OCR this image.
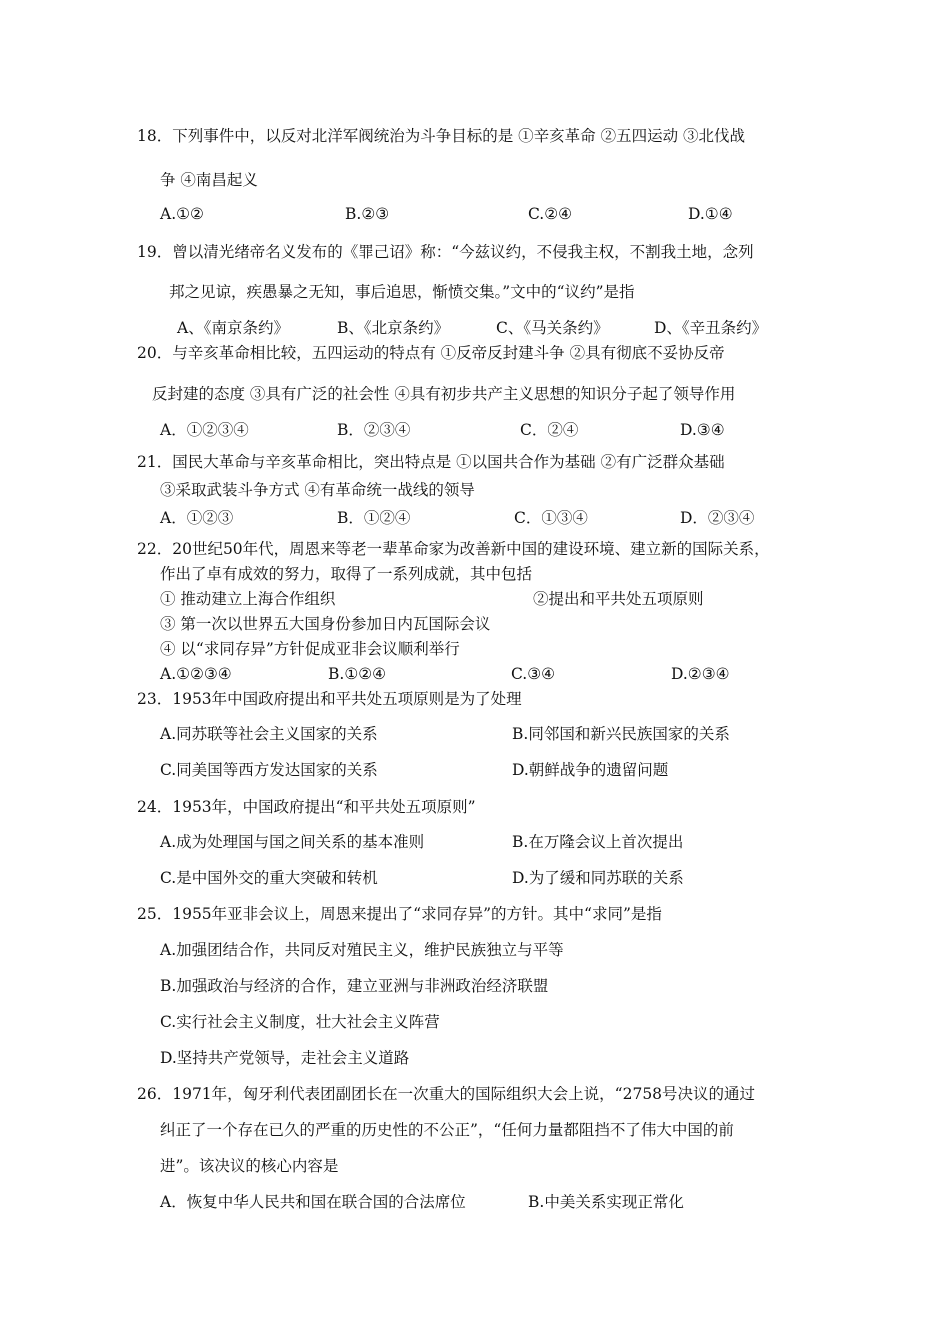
18．下列事件中，以反对北洋军阀统治为斗争目标的是 ①辛亥革命 ②五四运动 ③北伐战
争 ④南昌起义
A.①②	B.②③	C.②④	D.①④
19．曾以清光绪帝名义发布的《罪己诏》称：“今兹议约，不侵我主权，不割我土地，念列
邦之见谅，疾愚暴之无知，事后追思，惭愤交集。”文中的“议约”是指
A、《南京条约》	B、《北京条约》	C、《马关条约》	D、《辛丑条约》
20．与辛亥革命相比较，五四运动的特点有 ①反帝反封建斗争 ②具有彻底不妥协反帝
反封建的态度 ③具有广泛的社会性 ④具有初步共产主义思想的知识分子起了领导作用
A．①②③④	B．②③④	C．②④	D.③④
21．国民大革命与辛亥革命相比，突出特点是 ①以国共合作为基础 ②有广泛群众基础
③采取武装斗争方式 ④有革命统一战线的领导
A．①②③	B．①②④	C．①③④	D．②③④
22．20世纪50年代，周恩来等老一辈革命家为改善新中国的建设环境、建立新的国际关系，
作出了卓有成效的努力，取得了一系列成就，其中包括
① 推动建立上海合作组织	②提出和平共处五项原则
③ 第一次以世界五大国身份参加日内瓦国际会议
④ 以“求同存异”方针促成亚非会议顺利举行
A.①②③④	B.①②④	C.③④	D.②③④
23．1953年中国政府提出和平共处五项原则是为了处理
A.同苏联等社会主义国家的关系	B.同邻国和新兴民族国家的关系
C.同美国等西方发达国家的关系	D.朝鲜战争的遗留问题
24．1953年，中国政府提出“和平共处五项原则”
A.成为处理国与国之间关系的基本准则	B.在万隆会议上首次提出
C.是中国外交的重大突破和转机	D.为了缓和同苏联的关系
25．1955年亚非会议上，周恩来提出了“求同存异”的方针。其中“求同”是指
A.加强团结合作，共同反对殖民主义，维护民族独立与平等
B.加强政治与经济的合作，建立亚洲与非洲政治经济联盟
C.实行社会主义制度，壮大社会主义阵营
D.坚持共产党领导，走社会主义道路
26．1971年，匈牙利代表团副团长在一次重大的国际组织大会上说，“2758号决议的通过
纠正了一个存在已久的严重的历史性的不公正”，“任何力量都阻挡不了伟大中国的前
进”。该决议的核心内容是
A．恢复中华人民共和国在联合国的合法席位	B.中美关系实现正常化
